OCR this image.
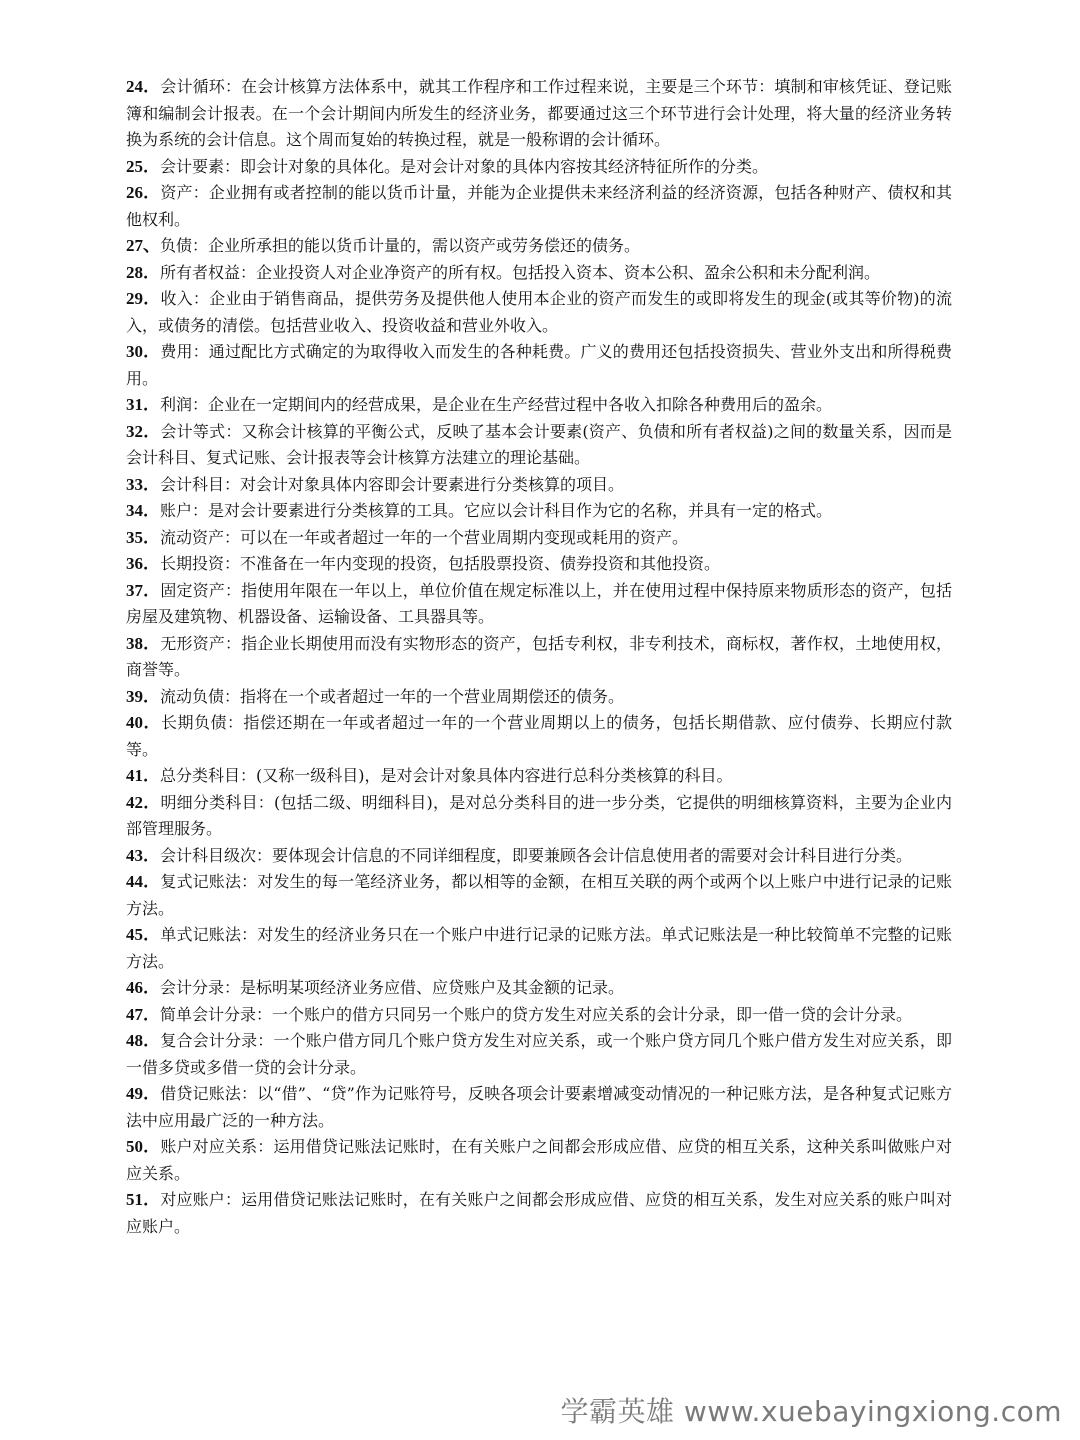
24．会计循环：在会计核算方法体系中，就其工作程序和工作过程来说，主要是三个环节：填制和审核凭证、登记账簿和编制会计报表。在一个会计期间内所发生的经济业务，都要通过这三个环节进行会计处理，将大量的经济业务转换为系统的会计信息。这个周而复始的转换过程，就是一般称谓的会计循环。

25．会计要素：即会计对象的具体化。是对会计对象的具体内容按其经济特征所作的分类。

26．资产：企业拥有或者控制的能以货币计量，并能为企业提供未来经济利益的经济资源，包括各种财产、债权和其他权利。

27、负债：企业所承担的能以货币计量的，需以资产或劳务偿还的债务。

28．所有者权益：企业投资人对企业净资产的所有权。包括投入资本、资本公积、盈余公积和未分配利润。

29．收入：企业由于销售商品，提供劳务及提供他人使用本企业的资产而发生的或即将发生的现金(或其等价物)的流入，或债务的清偿。包括营业收入、投资收益和营业外收入。

30．费用：通过配比方式确定的为取得收入而发生的各种耗费。广义的费用还包括投资损失、营业外支出和所得税费用。

31．利润：企业在一定期间内的经营成果，是企业在生产经营过程中各收入扣除各种费用后的盈余。

32．会计等式：又称会计核算的平衡公式，反映了基本会计要素(资产、负债和所有者权益)之间的数量关系，因而是会计科目、复式记账、会计报表等会计核算方法建立的理论基础。

33．会计科目：对会计对象具体内容即会计要素进行分类核算的项目。

34．账户：是对会计要素进行分类核算的工具。它应以会计科目作为它的名称，并具有一定的格式。

35．流动资产：可以在一年或者超过一年的一个营业周期内变现或耗用的资产。

36．长期投资：不准备在一年内变现的投资，包括股票投资、债券投资和其他投资。

37．固定资产：指使用年限在一年以上，单位价值在规定标准以上，并在使用过程中保持原来物质形态的资产，包括房屋及建筑物、机器设备、运输设备、工具器具等。

38．无形资产：指企业长期使用而没有实物形态的资产，包括专利权，非专利技术，商标权，著作权，土地使用权，商誉等。

39．流动负债：指将在一个或者超过一年的一个营业周期偿还的债务。

40．长期负债：指偿还期在一年或者超过一年的一个营业周期以上的债务，包括长期借款、应付债券、长期应付款等。

41．总分类科目：(又称一级科目)，是对会计对象具体内容进行总科分类核算的科目。

42．明细分类科目：(包括二级、明细科目)，是对总分类科目的进一步分类，它提供的明细核算资料，主要为企业内部管理服务。

43．会计科目级次：要体现会计信息的不同详细程度，即要兼顾各会计信息使用者的需要对会计科目进行分类。

44．复式记账法：对发生的每一笔经济业务，都以相等的金额，在相互关联的两个或两个以上账户中进行记录的记账方法。

45．单式记账法：对发生的经济业务只在一个账户中进行记录的记账方法。单式记账法是一种比较简单不完整的记账方法。

46．会计分录：是标明某项经济业务应借、应贷账户及其金额的记录。

47．简单会计分录：一个账户的借方只同另一个账户的贷方发生对应关系的会计分录，即一借一贷的会计分录。

48．复合会计分录：一个账户借方同几个账户贷方发生对应关系，或一个账户贷方同几个账户借方发生对应关系，即一借多贷或多借一贷的会计分录。

49．借贷记账法：以“借”、“贷”作为记账符号，反映各项会计要素增减变动情况的一种记账方法，是各种复式记账方法中应用最广泛的一种方法。

50．账户对应关系：运用借贷记账法记账时，在有关账户之间都会形成应借、应贷的相互关系，这种关系叫做账户对应关系。

51．对应账户：运用借贷记账法记账时，在有关账户之间都会形成应借、应贷的相互关系，发生对应关系的账户叫对应账户。

学霸英雄 www.xuebayingxiong.com
